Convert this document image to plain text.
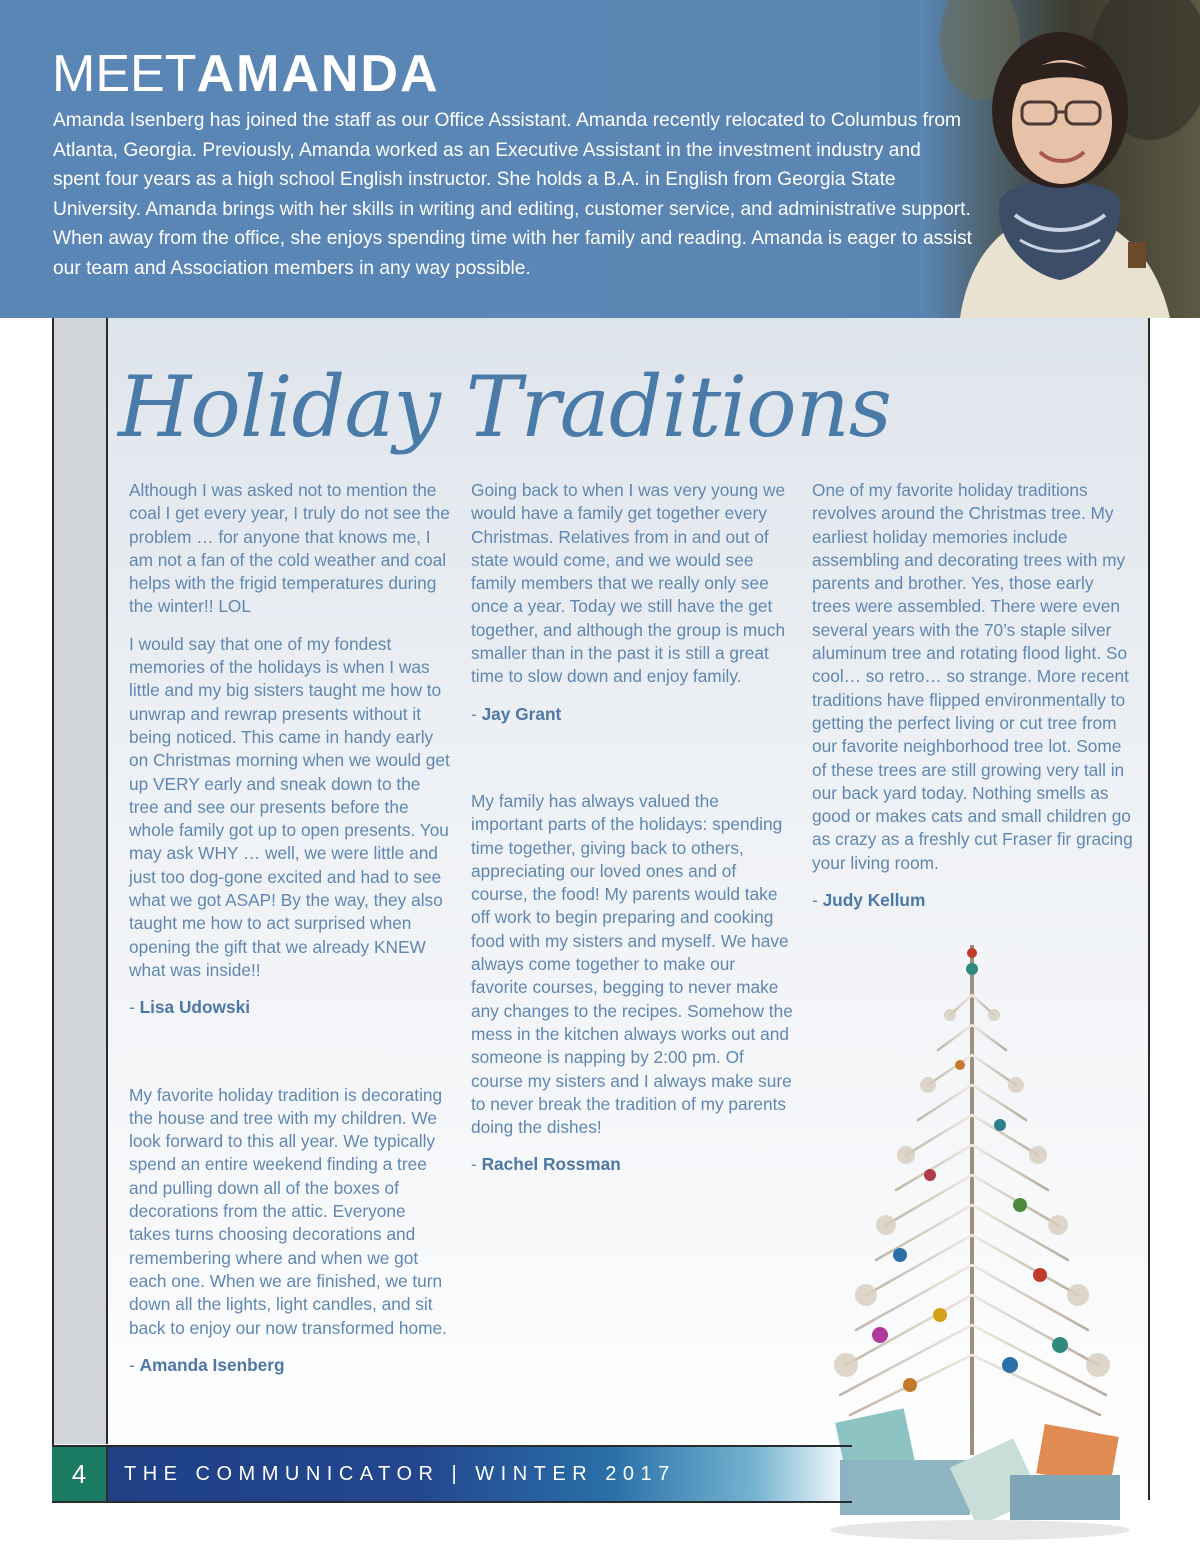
MEETAMANDA

Amanda Isenberg has joined the staff as our Office Assistant. Amanda recently relocated to Columbus from Atlanta, Georgia. Previously, Amanda worked as an Executive Assistant in the investment industry and spent four years as a high school English instructor. She holds a B.A. in English from Georgia State University. Amanda brings with her skills in writing and editing, customer service, and administrative support. When away from the office, she enjoys spending time with her family and reading. Amanda is eager to assist our team and Association members in any way possible.

Holiday Traditions

Although I was asked not to mention the coal I get every year, I truly do not see the problem … for anyone that knows me, I am not a fan of the cold weather and coal helps with the frigid temperatures during the winter!! LOL

I would say that one of my fondest memories of the holidays is when I was little and my big sisters taught me how to unwrap and rewrap presents without it being noticed. This came in handy early on Christmas morning when we would get up VERY early and sneak down to the tree and see our presents before the whole family got up to open presents. You may ask WHY … well, we were little and just too dog-gone excited and had to see what we got ASAP! By the way, they also taught me how to act surprised when opening the gift that we already KNEW what was inside!!

- Lisa Udowski

My favorite holiday tradition is decorating the house and tree with my children. We look forward to this all year. We typically spend an entire weekend finding a tree and pulling down all of the boxes of decorations from the attic. Everyone takes turns choosing decorations and remembering where and when we got each one. When we are finished, we turn down all the lights, light candles, and sit back to enjoy our now transformed home.

- Amanda Isenberg

Going back to when I was very young we would have a family get together every Christmas. Relatives from in and out of state would come, and we would see family members that we really only see once a year. Today we still have the get together, and although the group is much smaller than in the past it is still a great time to slow down and enjoy family.

- Jay Grant

My family has always valued the important parts of the holidays: spending time together, giving back to others, appreciating our loved ones and of course, the food! My parents would take off work to begin preparing and cooking food with my sisters and myself. We have always come together to make our favorite courses, begging to never make any changes to the recipes. Somehow the mess in the kitchen always works out and someone is napping by 2:00 pm. Of course my sisters and I always make sure to never break the tradition of my parents doing the dishes!

- Rachel Rossman

One of my favorite holiday traditions revolves around the Christmas tree. My earliest holiday memories include assembling and decorating trees with my parents and brother. Yes, those early trees were assembled. There were even several years with the 70’s staple silver aluminum tree and rotating flood light. So cool… so retro… so strange. More recent traditions have flipped environmentally to getting the perfect living or cut tree from our favorite neighborhood tree lot. Some of these trees are still growing very tall in our back yard today. Nothing smells as good or makes cats and small children go as crazy as a freshly cut Fraser fir gracing your living room.

- Judy Kellum

4	THE COMMUNICATOR | WINTER 2017
